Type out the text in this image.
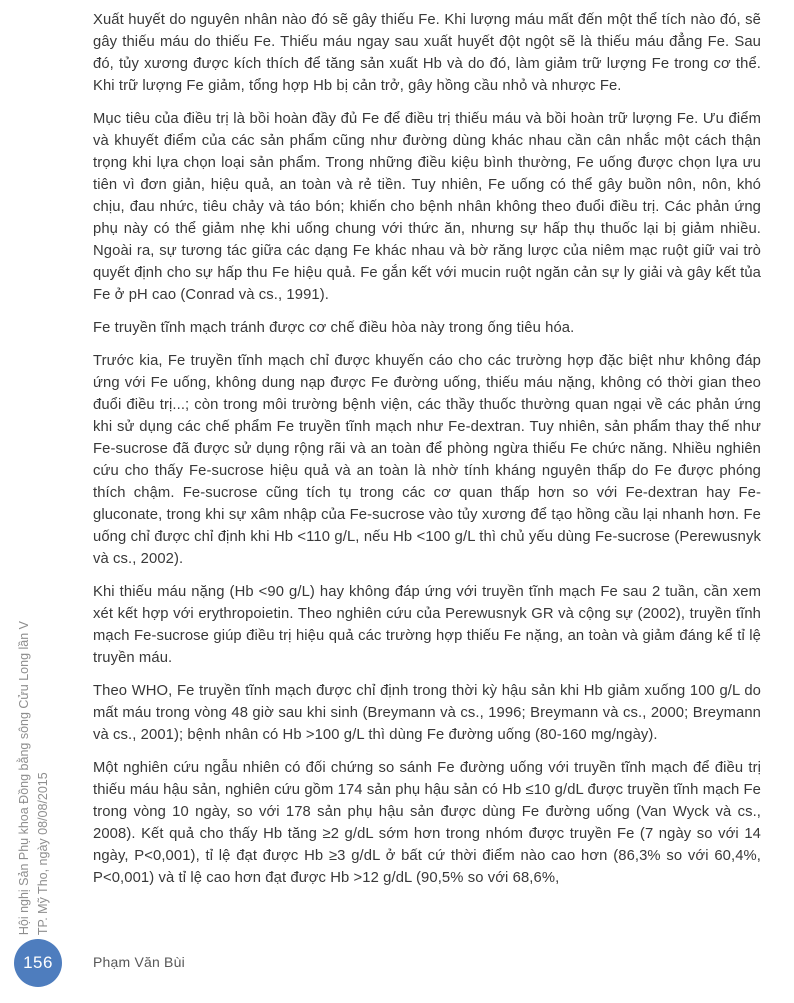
Xuất huyết do nguyên nhân nào đó sẽ gây thiếu Fe. Khi lượng máu mất đến một thể tích nào đó, sẽ gây thiếu máu do thiếu Fe. Thiếu máu ngay sau xuất huyết đột ngột sẽ là thiếu máu đẳng Fe. Sau đó, tủy xương được kích thích để tăng sản xuất Hb và do đó, làm giảm trữ lượng Fe trong cơ thể. Khi trữ lượng Fe giảm, tổng hợp Hb bị cản trở, gây hồng cầu nhỏ và nhược Fe.

Mục tiêu của điều trị là bồi hoàn đầy đủ Fe để điều trị thiếu máu và bồi hoàn trữ lượng Fe. Ưu điểm và khuyết điểm của các sản phẩm cũng như đường dùng khác nhau cần cân nhắc một cách thận trọng khi lựa chọn loại sản phẩm. Trong những điều kiệu bình thường, Fe uống được chọn lựa ưu tiên vì đơn giản, hiệu quả, an toàn và rẻ tiền. Tuy nhiên, Fe uống có thể gây buồn nôn, nôn, khó chịu, đau nhức, tiêu chảy và táo bón; khiến cho bệnh nhân không theo đuổi điều trị. Các phản ứng phụ này có thể giảm nhẹ khi uống chung với thức ăn, nhưng sự hấp thụ thuốc lại bị giảm nhiều. Ngoài ra, sự tương tác giữa các dạng Fe khác nhau và bờ răng lược của niêm mạc ruột giữ vai trò quyết định cho sự hấp thu Fe hiệu quả. Fe gắn kết với mucin ruột ngăn cản sự ly giải và gây kết tủa Fe ở pH cao (Conrad và cs., 1991).

Fe truyền tĩnh mạch tránh được cơ chế điều hòa này trong ống tiêu hóa.

Trước kia, Fe truyền tĩnh mạch chỉ được khuyến cáo cho các trường hợp đặc biệt như không đáp ứng với Fe uống, không dung nạp được Fe đường uống, thiếu máu nặng, không có thời gian theo đuổi điều trị...; còn trong môi trường bệnh viện, các thầy thuốc thường quan ngại về các phản ứng khi sử dụng các chế phẩm Fe truyền tĩnh mạch như Fe-dextran. Tuy nhiên, sản phẩm thay thế như Fe-sucrose đã được sử dụng rộng rãi và an toàn để phòng ngừa thiếu Fe chức năng. Nhiều nghiên cứu cho thấy Fe-sucrose hiệu quả và an toàn là nhờ tính kháng nguyên thấp do Fe được phóng thích chậm. Fe-sucrose cũng tích tụ trong các cơ quan thấp hơn so với Fe-dextran hay Fe-gluconate, trong khi sự xâm nhập của Fe-sucrose vào tủy xương để tạo hồng cầu lại nhanh hơn. Fe uống chỉ được chỉ định khi Hb <110 g/L, nếu Hb <100 g/L thì chủ yếu dùng Fe-sucrose (Perewusnyk và cs., 2002).

Khi thiếu máu nặng (Hb <90 g/L) hay không đáp ứng với truyền tĩnh mạch Fe sau 2 tuần, cần xem xét kết hợp với erythropoietin. Theo nghiên cứu của Perewusnyk GR và cộng sự (2002), truyền tĩnh mạch Fe-sucrose giúp điều trị hiệu quả các trường hợp thiếu Fe nặng, an toàn và giảm đáng kể tỉ lệ truyền máu.

Theo WHO, Fe truyền tĩnh mạch được chỉ định trong thời kỳ hậu sản khi Hb giảm xuống 100 g/L do mất máu trong vòng 48 giờ sau khi sinh (Breymann và cs., 1996; Breymann và cs., 2000; Breymann và cs., 2001); bệnh nhân có Hb >100 g/L thì dùng Fe đường uống (80-160 mg/ngày).

Một nghiên cứu ngẫu nhiên có đối chứng so sánh Fe đường uống với truyền tĩnh mạch để điều trị thiếu máu hậu sản, nghiên cứu gồm 174 sản phụ hậu sản có Hb ≤10 g/dL được truyền tĩnh mạch Fe trong vòng 10 ngày, so với 178 sản phụ hậu sản được dùng Fe đường uống (Van Wyck và cs., 2008). Kết quả cho thấy Hb tăng ≥2 g/dL sớm hơn trong nhóm được truyền Fe (7 ngày so với 14 ngày, P<0,001), tỉ lệ đạt được Hb ≥3 g/dL ở bất cứ thời điểm nào cao hơn (86,3% so với 60,4%, P<0,001) và tỉ lệ cao hơn đạt được Hb >12 g/dL (90,5% so với 68,6%,

Hội nghị Sản Phụ khoa Đồng bằng sông Cửu Long lần V TP. Mỹ Tho, ngày 08/08/2015
156	Phạm Văn Bùi
